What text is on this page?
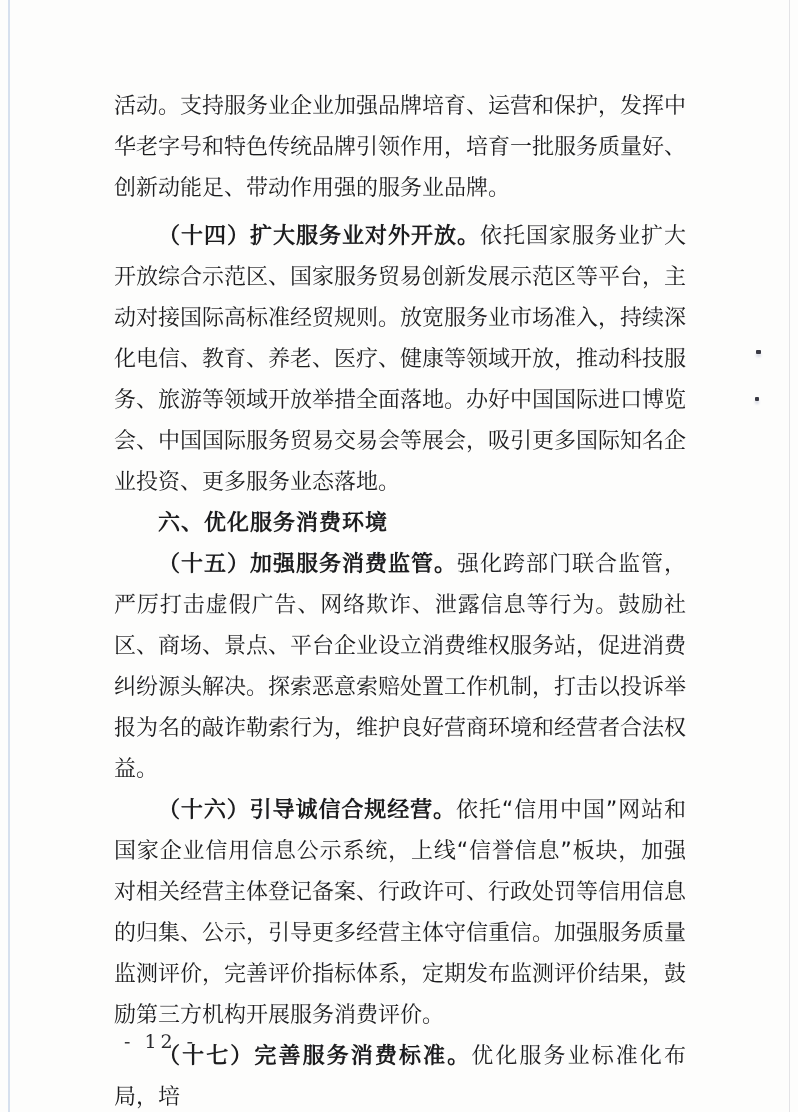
活动。支持服务业企业加强品牌培育、运营和保护，发挥中华老字号和特色传统品牌引领作用，培育一批服务质量好、创新动能足、带动作用强的服务业品牌。

（十四）扩大服务业对外开放。依托国家服务业扩大开放综合示范区、国家服务贸易创新发展示范区等平台，主动对接国际高标准经贸规则。放宽服务业市场准入，持续深化电信、教育、养老、医疗、健康等领域开放，推动科技服务、旅游等领域开放举措全面落地。办好中国国际进口博览会、中国国际服务贸易交易会等展会，吸引更多国际知名企业投资、更多服务业态落地。

六、优化服务消费环境

（十五）加强服务消费监管。强化跨部门联合监管，严厉打击虚假广告、网络欺诈、泄露信息等行为。鼓励社区、商场、景点、平台企业设立消费维权服务站，促进消费纠纷源头解决。探索恶意索赔处置工作机制，打击以投诉举报为名的敲诈勒索行为，维护良好营商环境和经营者合法权益。

（十六）引导诚信合规经营。依托“信用中国”网站和国家企业信用信息公示系统，上线“信誉信息”板块，加强对相关经营主体登记备案、行政许可、行政处罚等信用信息的归集、公示，引导更多经营主体守信重信。加强服务质量监测评价，完善评价指标体系，定期发布监测评价结果，鼓励第三方机构开展服务消费评价。

（十七）完善服务消费标准。优化服务业标准化布局，培

- 12 -
